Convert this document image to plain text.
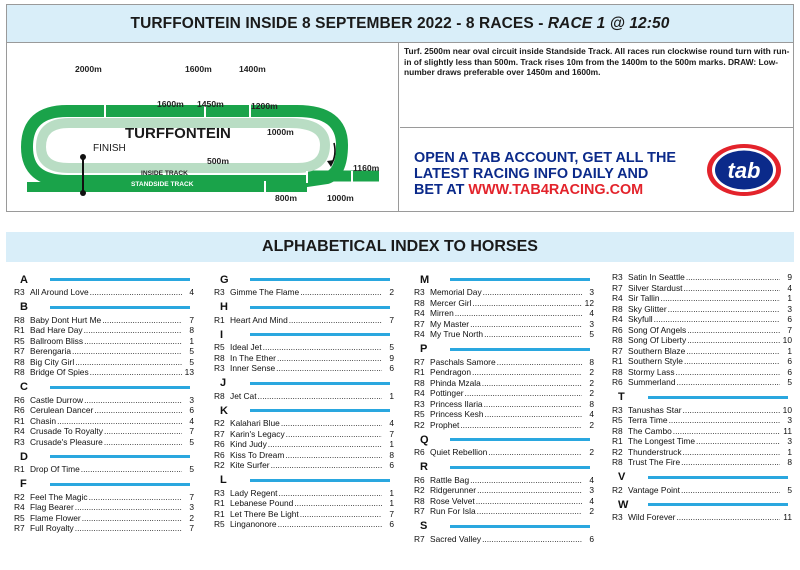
TURFFONTEIN INSIDE 8 SEPTEMBER 2022 - 8 RACES - RACE 1 @ 12:50
2000m	1600m	1400m
1600m 1450m	1200m
1000m
TURFFONTEIN
FINISH
500m
INSIDE TRACK
STANDSIDE TRACK
1160m
800m	1000m
Turf. 2500m near oval circuit inside Standside Track. All races run clockwise round turn with run-in of slightly less than 500m. Track rises 10m from the 1400m to the 500m marks. DRAW: Low-number draws preferable over 1450m and 1600m.
OPEN A TAB ACCOUNT, GET ALL THE
LATEST RACING INFO DAILY AND
BET AT WWW.TAB4RACING.COM
tab
ALPHABETICAL INDEX TO HORSES
A
R3 All Around Love .....	4
B
R8 Baby Dont Hurt Me .....	7
R1 Bad Hare Day .....	8
R5 Ballroom Bliss .....	1
R7 Berengaria .....	5
R8 Big City Girl .....	5
R8 Bridge Of Spies .....	13
C
R6 Castle Durrow .....	3
R6 Cerulean Dancer .....	6
R1 Chasin .....	4
R4 Crusade To Royalty .....	7
R3 Crusade's Pleasure .....	5
D
R1 Drop Of Time .....	5
F
R2 Feel The Magic .....	7
R4 Flag Bearer .....	3
R5 Flame Flower .....	2
R7 Full Royalty .....	7
G
R3 Gimme The Flame .....	2
H
R1 Heart And Mind .....	7
I
R5 Ideal Jet .....	5
R8 In The Ether .....	9
R3 Inner Sense .....	6
J
R8 Jet Cat .....	1
K
R2 Kalahari Blue .....	4
R7 Karin's Legacy .....	7
R6 Kind Judy .....	1
R6 Kiss To Dream .....	8
R2 Kite Surfer .....	6
L
R3 Lady Regent .....	1
R1 Lebanese Pound .....	1
R1 Let There Be Light .....	7
R5 Linganonore .....	6
M
R3 Memorial Day .....	3
R8 Mercer Girl .....	12
R4 Mirren .....	4
R7 My Master .....	3
R4 My True North .....	5
P
R7 Paschals Samore .....	8
R1 Pendragon .....	2
R8 Phinda Mzala .....	2
R4 Pottinger .....	2
R3 Princess Ilaria .....	8
R5 Princess Kesh .....	4
R2 Prophet .....	2
Q
R6 Quiet Rebellion .....	2
R
R6 Rattle Bag .....	4
R2 Ridgerunner .....	3
R8 Rose Velvet .....	4
R7 Run For Isla .....	2
S
R7 Sacred Valley .....	6
R3 Satin In Seattle .....	9
R7 Silver Stardust .....	4
R4 Sir Tallin .....	1
R8 Sky Glitter .....	3
R4 Skyfull .....	6
R6 Song Of Angels .....	7
R8 Song Of Liberty .....	10
R7 Southern Blaze .....	1
R1 Southern Style .....	6
R8 Stormy Lass .....	6
R6 Summerland .....	5
T
R3 Tanushas Star .....	10
R5 Terra Time .....	3
R8 The Cambo .....	11
R1 The Longest Time .....	3
R2 Thunderstruck .....	1
R8 Trust The Fire .....	8
V
R2 Vantage Point .....	5
W
R3 Wild Forever .....	11
